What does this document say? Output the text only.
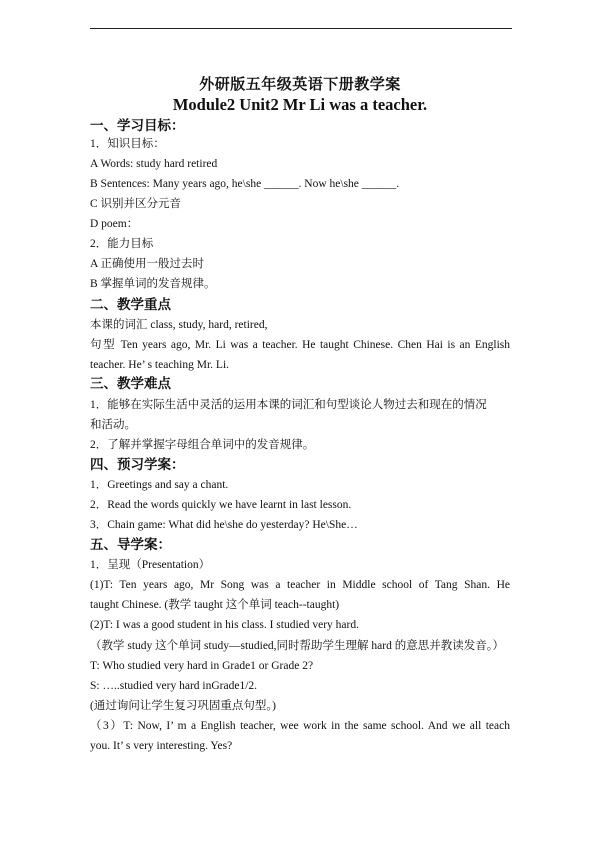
外研版五年级英语下册教学案
Module2 Unit2 Mr Li was a teacher.
一、学习目标：
1．知识目标：
A Words: study hard retired
B Sentences: Many years ago, he\she ______. Now he\she ______.
C 识别并区分元音
D poem：
2．能力目标
A 正确使用一般过去时
B 掌握单词的发音规律。
二、教学重点
本课的词汇 class, study, hard, retired,
句型 Ten years ago, Mr. Li was a teacher. He taught Chinese. Chen Hai is an English
teacher. He’ s teaching Mr. Li.
三、教学难点
1．能够在实际生活中灵活的运用本课的词汇和句型谈论人物过去和现在的情况
和活动。
2．了解并掌握字母组合单词中的发音规律。
四、预习学案：
1．Greetings and say a chant.
2．Read the words quickly we have learnt in last lesson.
3．Chain game: What did he\she do yesterday? He\She…
五、导学案：
1．呈现（Presentation）
(1)T: Ten years ago, Mr Song was a teacher in Middle school of Tang Shan. He
taught Chinese. (教学 taught 这个单词 teach--taught)
(2)T: I was a good student in his class. I studied very hard.
（教学 study 这个单词 study—studied,同时帮助学生理解 hard 的意思并教读发音。）
T: Who studied very hard in Grade1 or Grade 2?
S: …..studied very hard inGrade1/2.
(通过询问让学生复习巩固重点句型。)
（3）T: Now, I’ m a English teacher, wee work in the same school. And we all teach
you. It’ s very interesting. Yes?
